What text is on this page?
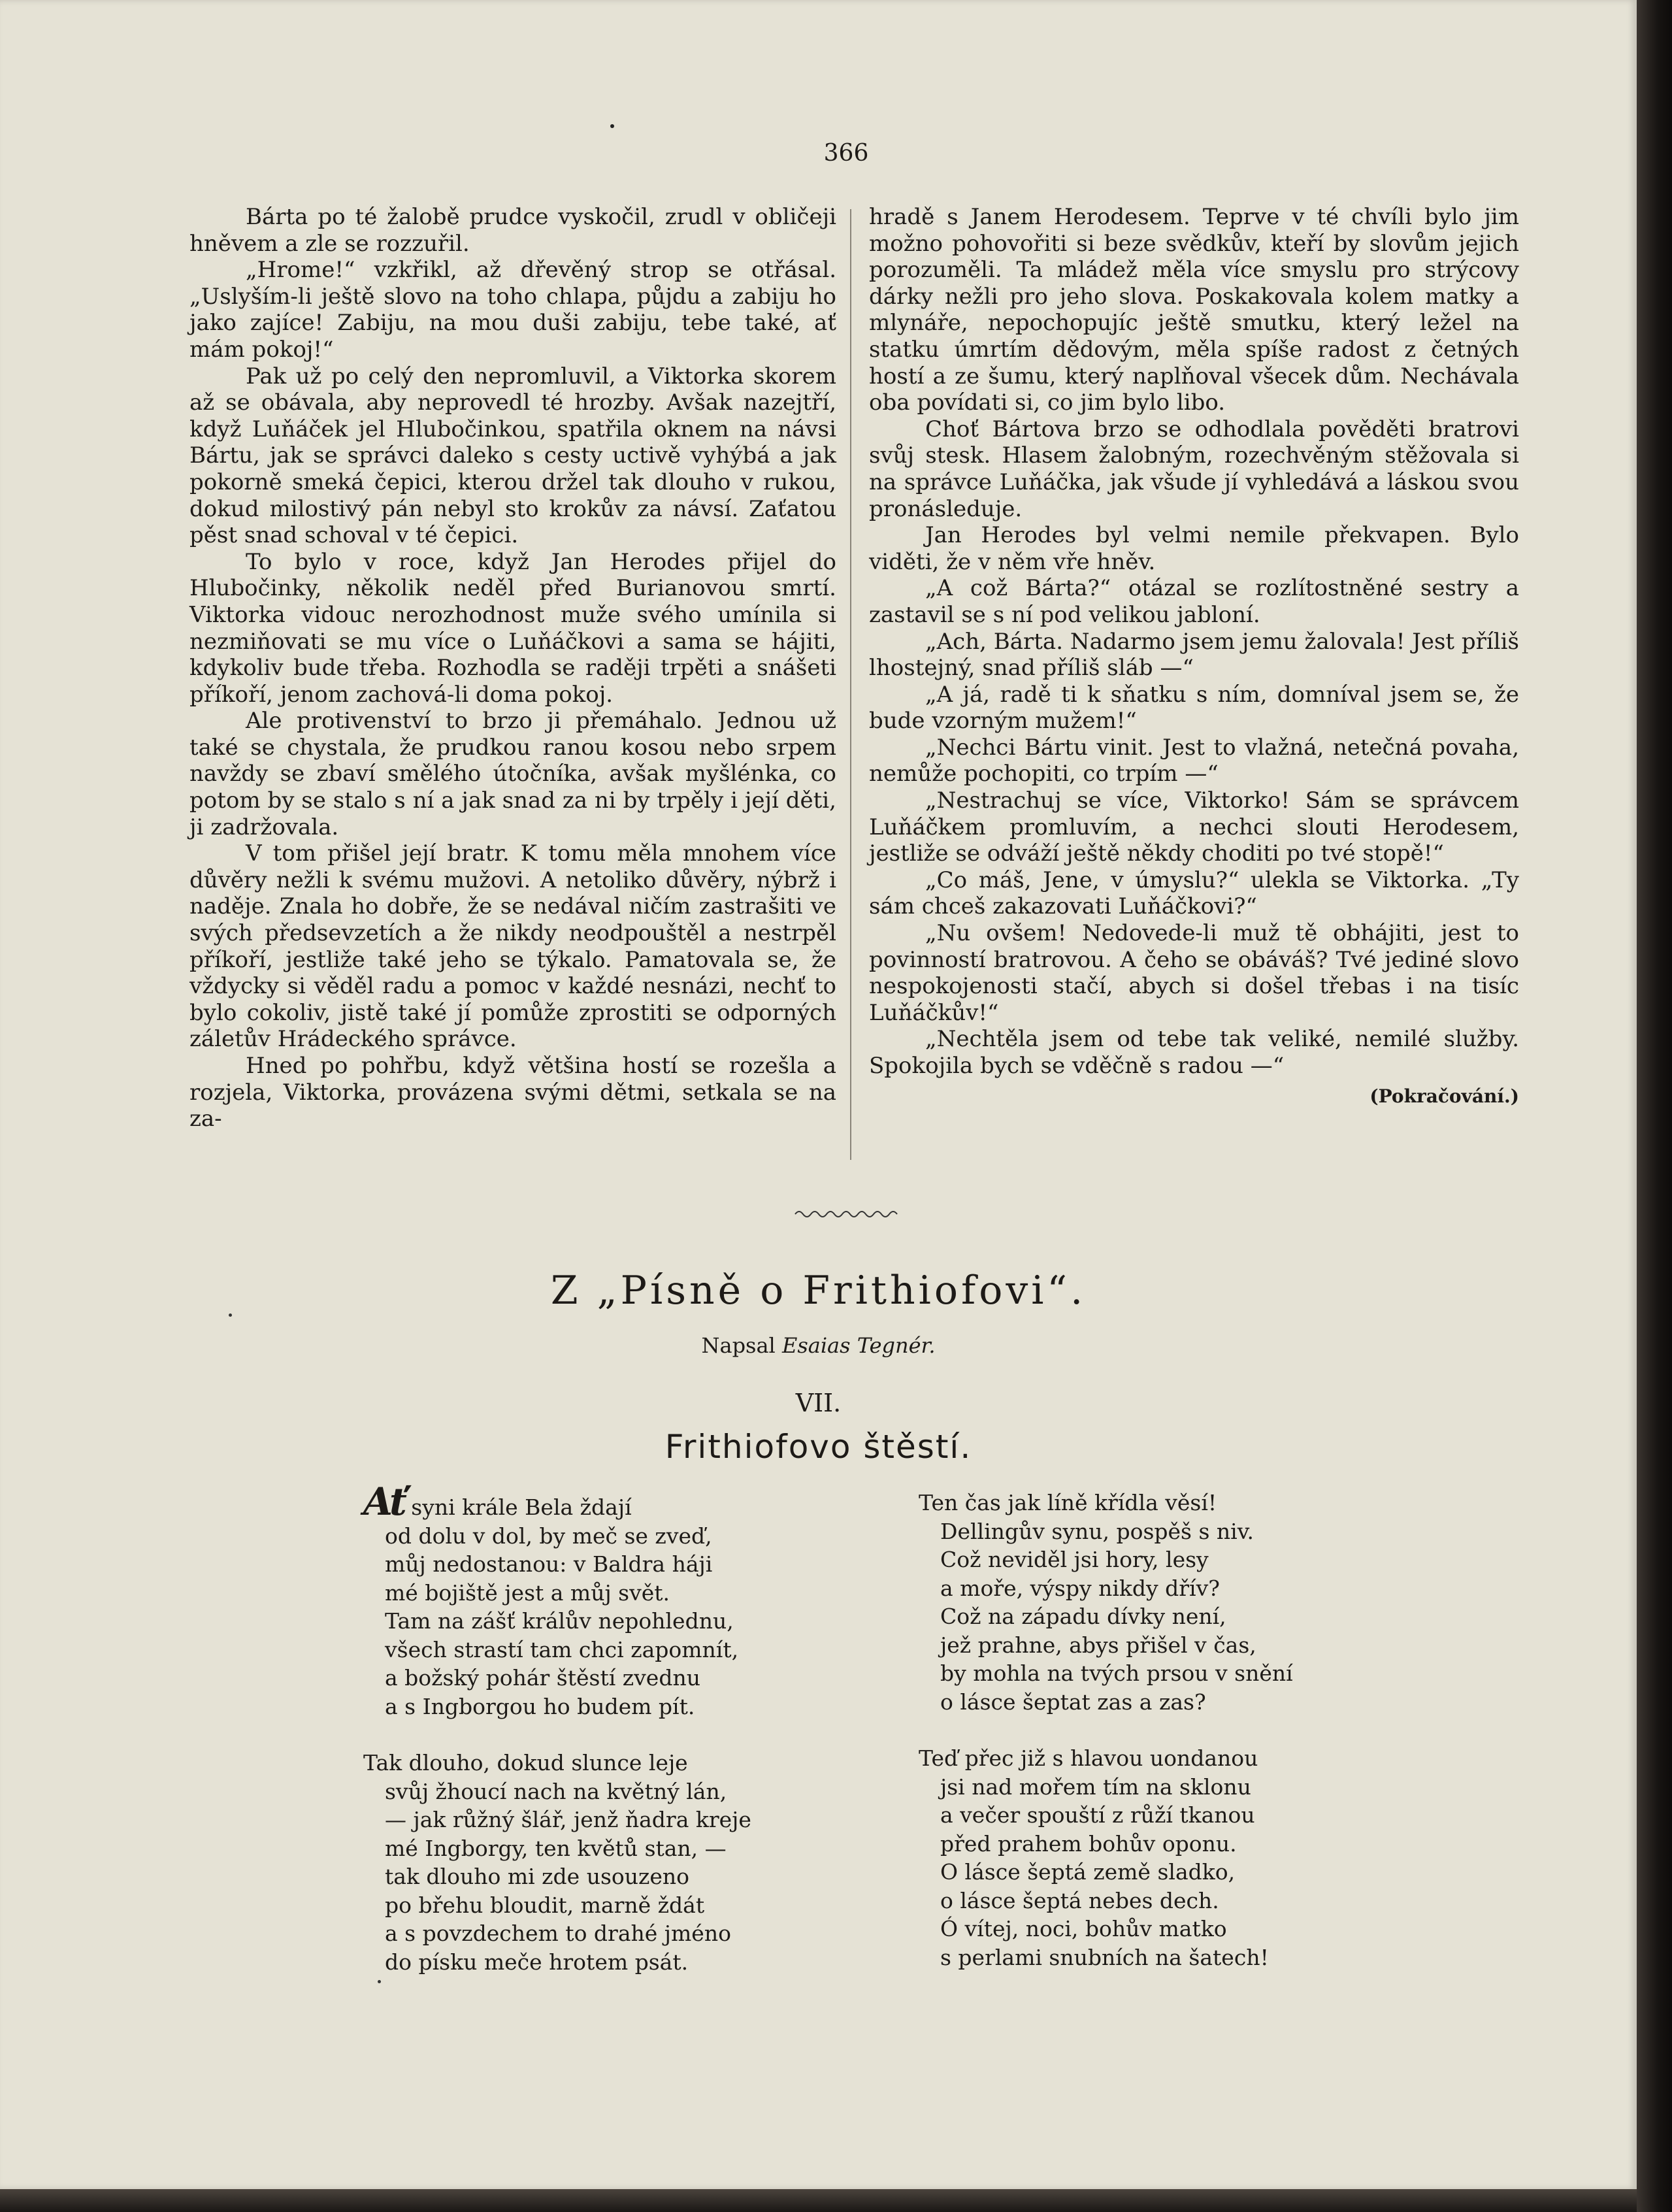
366

Bárta po té žalobě prudce vyskočil, zrudl v obličeji hněvem a zle se rozzuřil.

„Hrome!“ vzkřikl, až dřevěný strop se otřásal. „Uslyším-li ještě slovo na toho chlapa, půjdu a zabiju ho jako zajíce! Zabiju, na mou duši zabiju, tebe také, ať mám pokoj!“

Pak už po celý den nepromluvil, a Viktorka skorem až se obávala, aby neprovedl té hrozby. Avšak nazejtří, když Luňáček jel Hlubočinkou, spatřila oknem na návsi Bártu, jak se správci daleko s cesty uctivě vyhýbá a jak pokorně smeká čepici, kterou držel tak dlouho v rukou, dokud milostivý pán nebyl sto krokův za návsí. Zaťatou pěst snad schoval v té čepici.

To bylo v roce, když Jan Herodes přijel do Hlubočinky, několik neděl před Burianovou smrtí. Viktorka vidouc nerozhodnost muže svého umínila si nezmiňovati se mu více o Luňáčkovi a sama se hájiti, kdykoliv bude třeba. Rozhodla se raději trpěti a snášeti příkoří, jenom zachová-li doma pokoj.

Ale protivenství to brzo ji přemáhalo. Jednou už také se chystala, že prudkou ranou kosou nebo srpem navždy se zbaví smělého útočníka, avšak myšlénka, co potom by se stalo s ní a jak snad za ni by trpěly i její děti, ji zadržovala.

V tom přišel její bratr. K tomu měla mnohem více důvěry nežli k svému mužovi. A netoliko důvěry, nýbrž i naděje. Znala ho dobře, že se nedával ničím zastrašiti ve svých předsevzetích a že nikdy neodpouštěl a nestrpěl příkoří, jestliže také jeho se týkalo. Pamatovala se, že vždycky si věděl radu a pomoc v každé nesnázi, nechť to bylo cokoliv, jistě také jí pomůže zprostiti se odporných záletův Hrádeckého správce.

Hned po pohřbu, když většina hostí se rozešla a rozjela, Viktorka, provázena svými dětmi, setkala se na za-

hradě s Janem Herodesem. Teprve v té chvíli bylo jim možno pohovořiti si beze svědkův, kteří by slovům jejich porozuměli. Ta mládež měla více smyslu pro strýcovy dárky nežli pro jeho slova. Poskakovala kolem matky a mlynáře, nepochopujíc ještě smutku, který ležel na statku úmrtím dědovým, měla spíše radost z četných hostí a ze šumu, který naplňoval všecek dům. Nechávala oba povídati si, co jim bylo libo.

Choť Bártova brzo se odhodlala pověděti bratrovi svůj stesk. Hlasem žalobným, rozechvěným stěžovala si na správce Luňáčka, jak všude jí vyhledává a láskou svou pronásleduje.

Jan Herodes byl velmi nemile překvapen. Bylo viděti, že v něm vře hněv.

„A což Bárta?“ otázal se rozlítostněné sestry a zastavil se s ní pod velikou jabloní.

„Ach, Bárta. Nadarmo jsem jemu žalovala! Jest příliš lhostejný, snad příliš sláb —“

„A já, radě ti k sňatku s ním, domníval jsem se, že bude vzorným mužem!“

„Nechci Bártu vinit. Jest to vlažná, netečná povaha, nemůže pochopiti, co trpím —“

„Nestrachuj se více, Viktorko! Sám se správcem Luňáčkem promluvím, a nechci slouti Herodesem, jestliže se odváží ještě někdy choditi po tvé stopě!“

„Co máš, Jene, v úmyslu?“ ulekla se Viktorka. „Ty sám chceš zakazovati Luňáčkovi?“

„Nu ovšem! Nedovede-li muž tě obhájiti, jest to povinností bratrovou. A čeho se obáváš? Tvé jediné slovo nespokojenosti stačí, abych si došel třebas i na tisíc Luňáčkův!“

„Nechtěla jsem od tebe tak veliké, nemilé služby. Spokojila bych se vděčně s radou —“

(Pokračování.)

Z „Písně o Frithiofovi“.
Napsal Esaias Tegnér.
VII.
Frithiofovo štěstí.
Ať syni krále Bela ždají
od dolu v dol, by meč se zveď,
můj nedostanou: v Baldra háji
mé bojiště jest a můj svět.
Tam na zášť králův nepohlednu,
všech strastí tam chci zapomnít,
a božský pohár štěstí zvednu
a s Ingborgou ho budem pít.
Tak dlouho, dokud slunce leje
svůj žhoucí nach na květný lán,
— jak růžný šlář, jenž ňadra kreje
mé Ingborgy, ten květů stan, —
tak dlouho mi zde usouzeno
po břehu bloudit, marně ždát
a s povzdechem to drahé jméno
do písku meče hrotem psát.
Ten čas jak líně křídla věsí!
Dellingův synu, pospěš s niv.
Což neviděl jsi hory, lesy
a moře, výspy nikdy dřív?
Což na západu dívky není,
jež prahne, abys přišel v čas,
by mohla na tvých prsou v snění
o lásce šeptat zas a zas?
Teď přec již s hlavou uondanou
jsi nad mořem tím na sklonu
a večer spouští z růží tkanou
před prahem bohův oponu.
O lásce šeptá země sladko,
o lásce šeptá nebes dech.
Ó vítej, noci, bohův matko
s perlami snubních na šatech!
